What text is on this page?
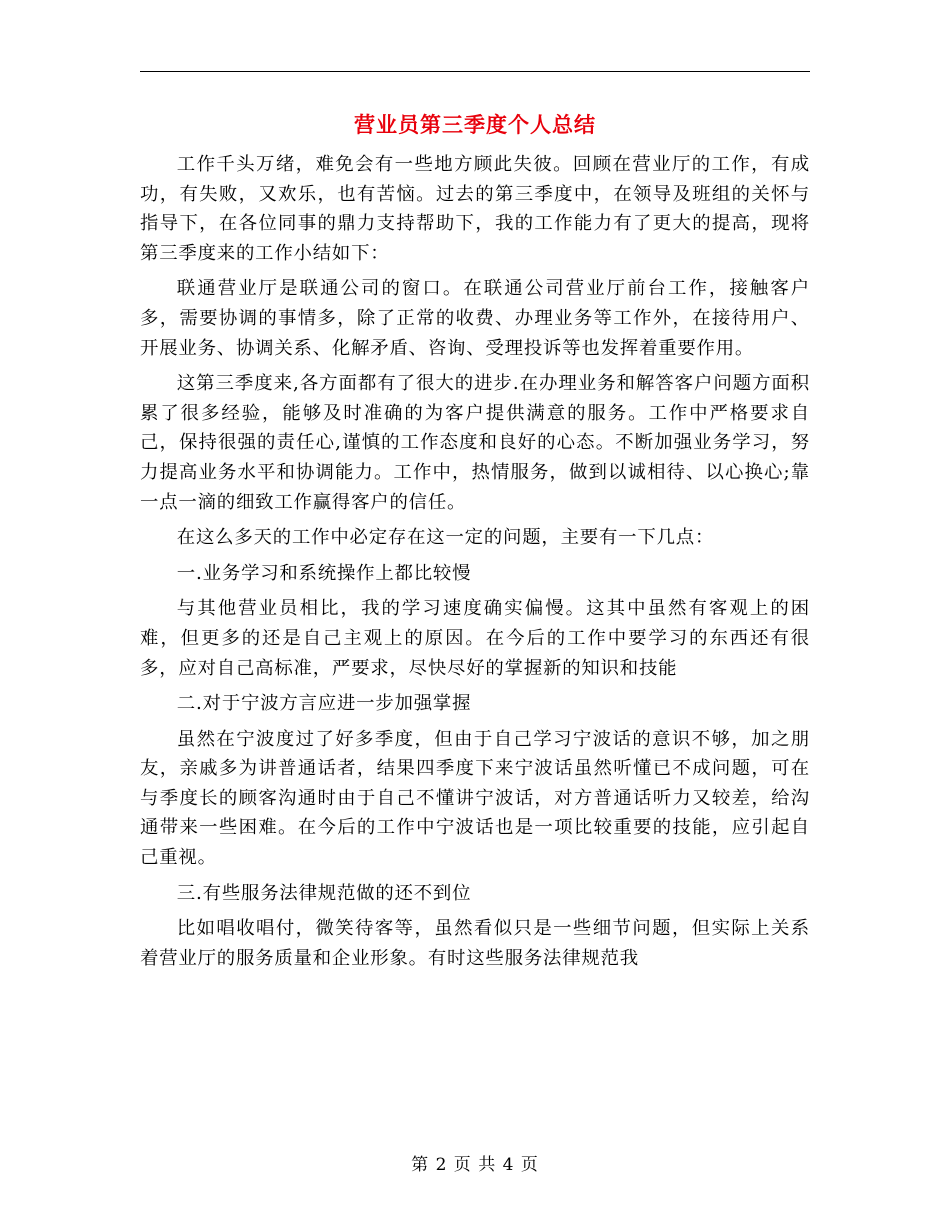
营业员第三季度个人总结

工作千头万绪，难免会有一些地方顾此失彼。回顾在营业厅的工作，有成功，有失败，又欢乐，也有苦恼。过去的第三季度中，在领导及班组的关怀与指导下，在各位同事的鼎力支持帮助下，我的工作能力有了更大的提高，现将第三季度来的工作小结如下：

联通营业厅是联通公司的窗口。在联通公司营业厅前台工作，接触客户多，需要协调的事情多，除了正常的收费、办理业务等工作外，在接待用户、开展业务、协调关系、化解矛盾、咨询、受理投诉等也发挥着重要作用。

这第三季度来,各方面都有了很大的进步.在办理业务和解答客户问题方面积累了很多经验，能够及时准确的为客户提供满意的服务。工作中严格要求自己，保持很强的责任心,谨慎的工作态度和良好的心态。不断加强业务学习，努力提高业务水平和协调能力。工作中，热情服务，做到以诚相待、以心换心;靠一点一滴的细致工作赢得客户的信任。

在这么多天的工作中必定存在这一定的问题，主要有一下几点：

一.业务学习和系统操作上都比较慢

与其他营业员相比，我的学习速度确实偏慢。这其中虽然有客观上的困难，但更多的还是自己主观上的原因。在今后的工作中要学习的东西还有很多，应对自己高标准，严要求，尽快尽好的掌握新的知识和技能

二.对于宁波方言应进一步加强掌握

虽然在宁波度过了好多季度，但由于自己学习宁波话的意识不够，加之朋友，亲戚多为讲普通话者，结果四季度下来宁波话虽然听懂已不成问题，可在与季度长的顾客沟通时由于自己不懂讲宁波话，对方普通话听力又较差，给沟通带来一些困难。在今后的工作中宁波话也是一项比较重要的技能，应引起自己重视。

三.有些服务法律规范做的还不到位

比如唱收唱付，微笑待客等，虽然看似只是一些细节问题，但实际上关系着营业厅的服务质量和企业形象。有时这些服务法律规范我

第 2 页 共 4 页
